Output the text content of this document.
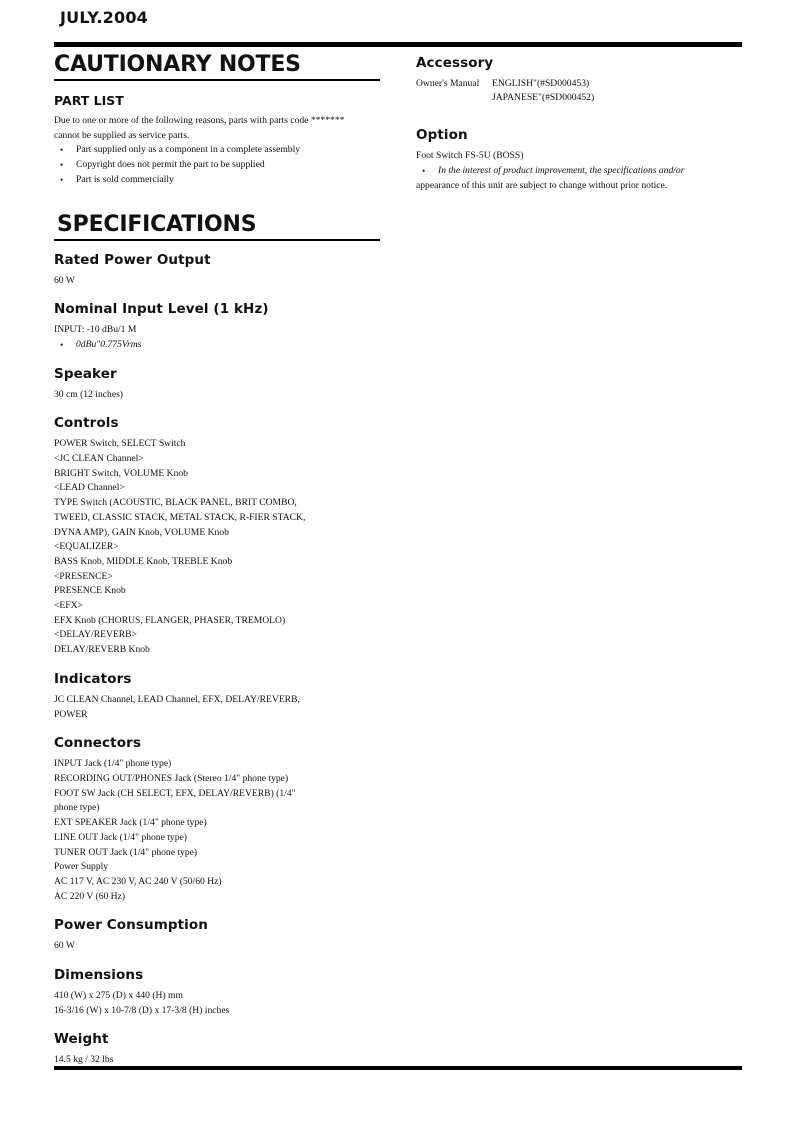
JULY.2004
CAUTIONARY NOTES
PART LIST

Due to one or more of the following reasons, parts with parts code *******
cannot be supplied as service parts.

• Part supplied only as a component in a complete assembly
• Copyright does not permit the part to be supplied
• Part is sold commercially
SPECIFICATIONS
Rated Power Output
60 W
Nominal Input Level (1 kHz)
INPUT: -10 dBu/1 M
• 0dBu"0.775Vrms
Speaker
30 cm (12 inches)
Controls
POWER Switch, SELECT Switch
<JC CLEAN Channel>
BRIGHT Switch, VOLUME Knob
<LEAD Channel>
TYPE Switch (ACOUSTIC, BLACK PANEL, BRIT COMBO,
TWEED, CLASSIC STACK, METAL STACK, R-FIER STACK,
DYNA AMP), GAIN Knob, VOLUME Knob
<EQUALIZER>
BASS Knob, MIDDLE Knob, TREBLE Knob
<PRESENCE>
PRESENCE Knob
<EFX>
EFX Knob (CHORUS, FLANGER, PHASER, TREMOLO)
<DELAY/REVERB>
DELAY/REVERB Knob
Indicators
JC CLEAN Channel, LEAD Channel, EFX, DELAY/REVERB,
POWER
Connectors
INPUT Jack (1/4" phone type)
RECORDING OUT/PHONES Jack (Stereo 1/4" phone type)
FOOT SW Jack (CH SELECT, EFX, DELAY/REVERB) (1/4"
phone type)
EXT SPEAKER Jack (1/4" phone type)
LINE OUT Jack (1/4" phone type)
TUNER OUT Jack (1/4" phone type)
Power Supply
AC 117 V, AC 230 V, AC 240 V (50/60 Hz)
AC 220 V (60 Hz)
Power Consumption
60 W
Dimensions
410 (W) x 275 (D) x 440 (H) mm
16-3/16 (W) x 10-7/8 (D) x 17-3/8 (H) inches
Weight
14.5 kg / 32 lbs
Accessory
Owner's Manual	ENGLISH"(#SD000453)
JAPANESE"(#SD000452)
Option
Foot Switch FS-5U (BOSS)
• In the interest of product improvement, the specifications and/or
appearance of this unit are subject to change without prior notice.
